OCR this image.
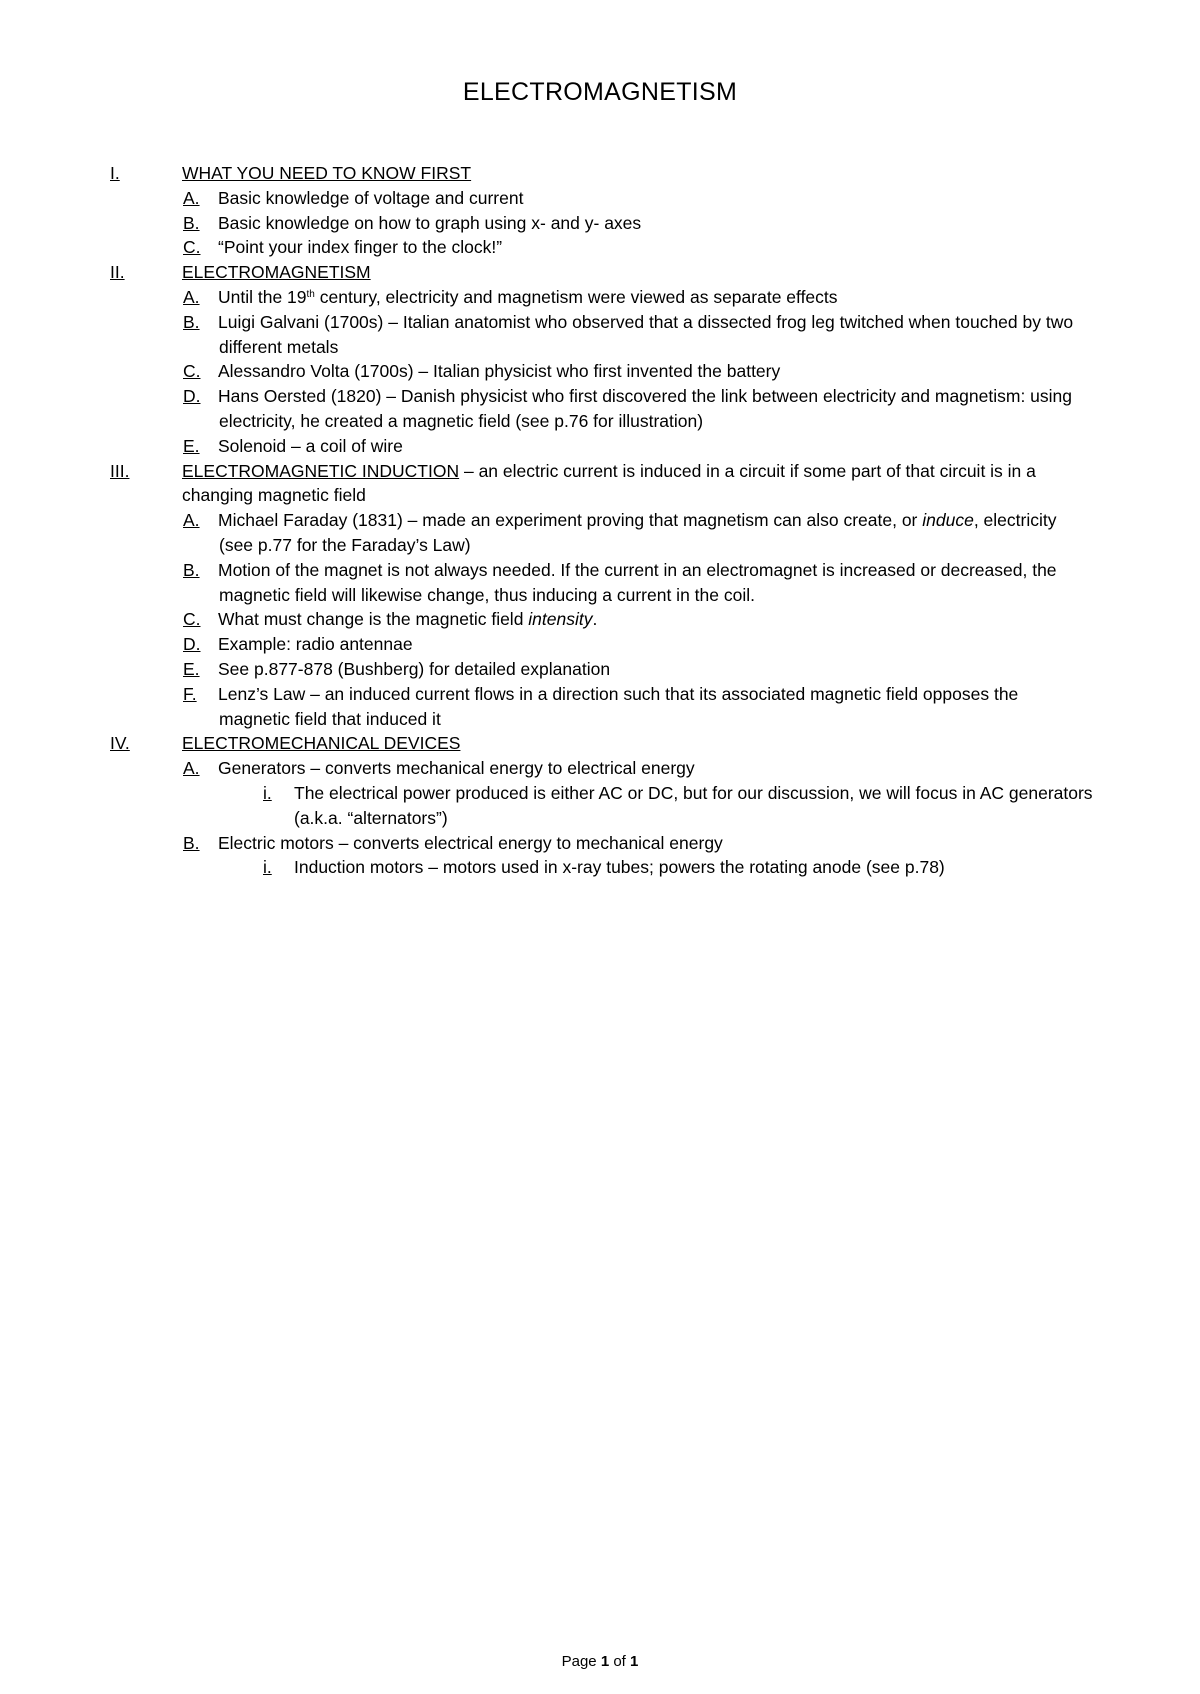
ELECTROMAGNETISM
I.	WHAT YOU NEED TO KNOW FIRST
A. Basic knowledge of voltage and current
B. Basic knowledge on how to graph using x- and y- axes
C. “Point your index finger to the clock!”
II.	ELECTROMAGNETISM
A. Until the 19th century, electricity and magnetism were viewed as separate effects
B. Luigi Galvani (1700s) – Italian anatomist who observed that a dissected frog leg twitched when touched by two
different metals
C. Alessandro Volta (1700s) – Italian physicist who first invented the battery
D. Hans Oersted (1820) – Danish physicist who first discovered the link between electricity and magnetism: using
electricity, he created a magnetic field (see p.76 for illustration)
E. Solenoid – a coil of wire
III.	ELECTROMAGNETIC INDUCTION – an electric current is induced in a circuit if some part of that circuit is in a
changing magnetic field
A. Michael Faraday (1831) – made an experiment proving that magnetism can also create, or induce, electricity
(see p.77 for the Faraday’s Law)
B. Motion of the magnet is not always needed. If the current in an electromagnet is increased or decreased, the
magnetic field will likewise change, thus inducing a current in the coil.
C. What must change is the magnetic field intensity.
D. Example: radio antennae
E. See p.877-878 (Bushberg) for detailed explanation
F. Lenz’s Law – an induced current flows in a direction such that its associated magnetic field opposes the
magnetic field that induced it
IV.	ELECTROMECHANICAL DEVICES
A. Generators – converts mechanical energy to electrical energy
i. The electrical power produced is either AC or DC, but for our discussion, we will focus in AC generators
(a.k.a. “alternators”)
B. Electric motors – converts electrical energy to mechanical energy
i. Induction motors – motors used in x-ray tubes; powers the rotating anode (see p.78)
Page 1 of 1
